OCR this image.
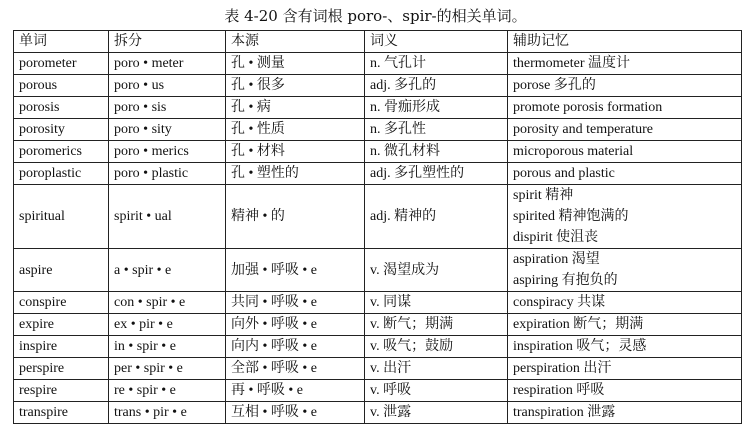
表 4-20 含有词根 poro-、spir-的相关单词。
单词	拆分	本源	词义	辅助记忆
porometer	poro • meter	孔 • 测量	n. 气孔计	thermometer 温度计

porous	poro • us	孔 • 很多	adj. 多孔的	porose 多孔的

porosis	poro • sis	孔 • 病	n. 骨痂形成	promote porosis formation

porosity	poro • sity	孔 • 性质	n. 多孔性	porosity and temperature

poromerics	poro • merics	孔 • 材料	n. 微孔材料	microporous material

poroplastic	poro • plastic	孔 • 塑性的	adj. 多孔塑性的	porous and plastic

spiritual	spirit • ual	精神 • 的	adj. 精神的	spirit 精神
spirited 精神饱满的
dispirit 使沮丧

aspire	a • spir • e	加强 • 呼吸 • e	v. 渴望成为	aspiration 渴望
aspiring 有抱负的

conspire	con • spir • e	共同 • 呼吸 • e	v. 同谋	conspiracy 共谋

expire	ex • pir • e	向外 • 呼吸 • e	v. 断气；期满	expiration 断气；期满

inspire	in • spir • e	向内 • 呼吸 • e	v. 吸气；鼓励	inspiration 吸气；灵感

perspire	per • spir • e	全部 • 呼吸 • e	v. 出汗	perspiration 出汗

respire	re • spir • e	再 • 呼吸 • e	v. 呼吸	respiration 呼吸

transpire	trans • pir • e	互相 • 呼吸 • e	v. 泄露	transpiration 泄露
